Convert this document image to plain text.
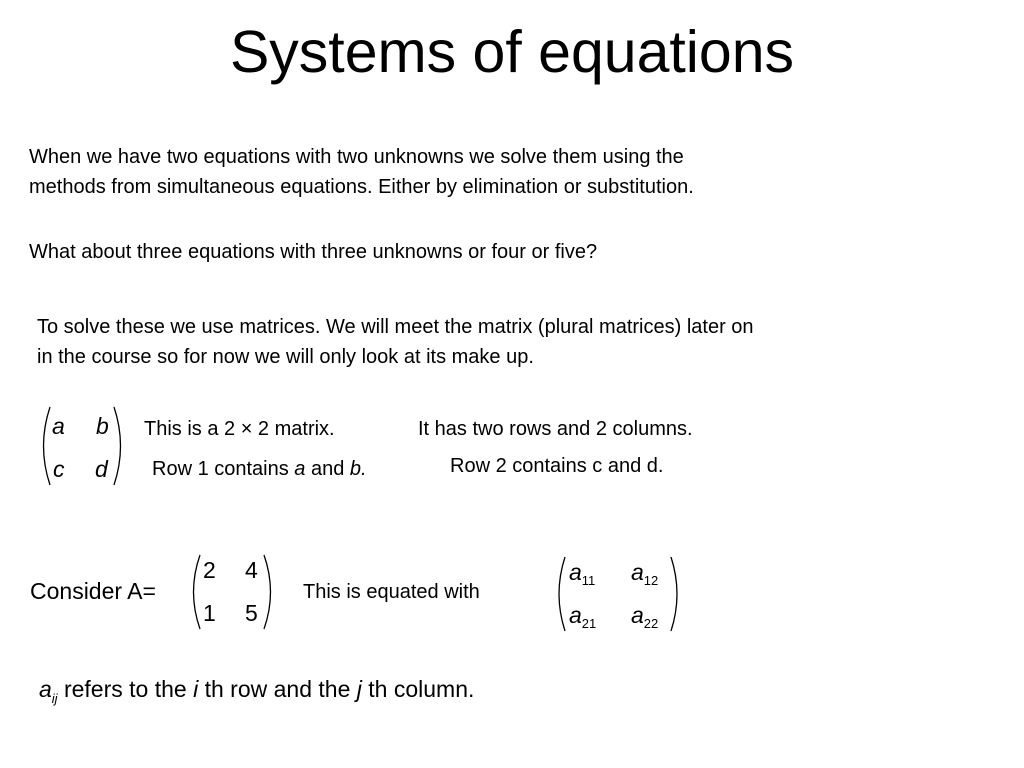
Systems of equations
When we have two equations with two unknowns we solve them using the
methods from simultaneous equations. Either by elimination or substitution.
What about three equations with three unknowns or four or five?
To solve these we use matrices. We will meet the matrix (plural matrices) later on
in the course so for now we will only look at its make up.
a b
c d
This is a 2 × 2 matrix.	It has two rows and 2 columns.
Row 1 contains a and b.	Row 2 contains c and d.
Consider A=
2 4
1 5
This is equated with
$a_{11}$ $a_{12}$
$a_{21}$ $a_{22}$
$a_{ij}$ refers to the i th row and the j th column.
